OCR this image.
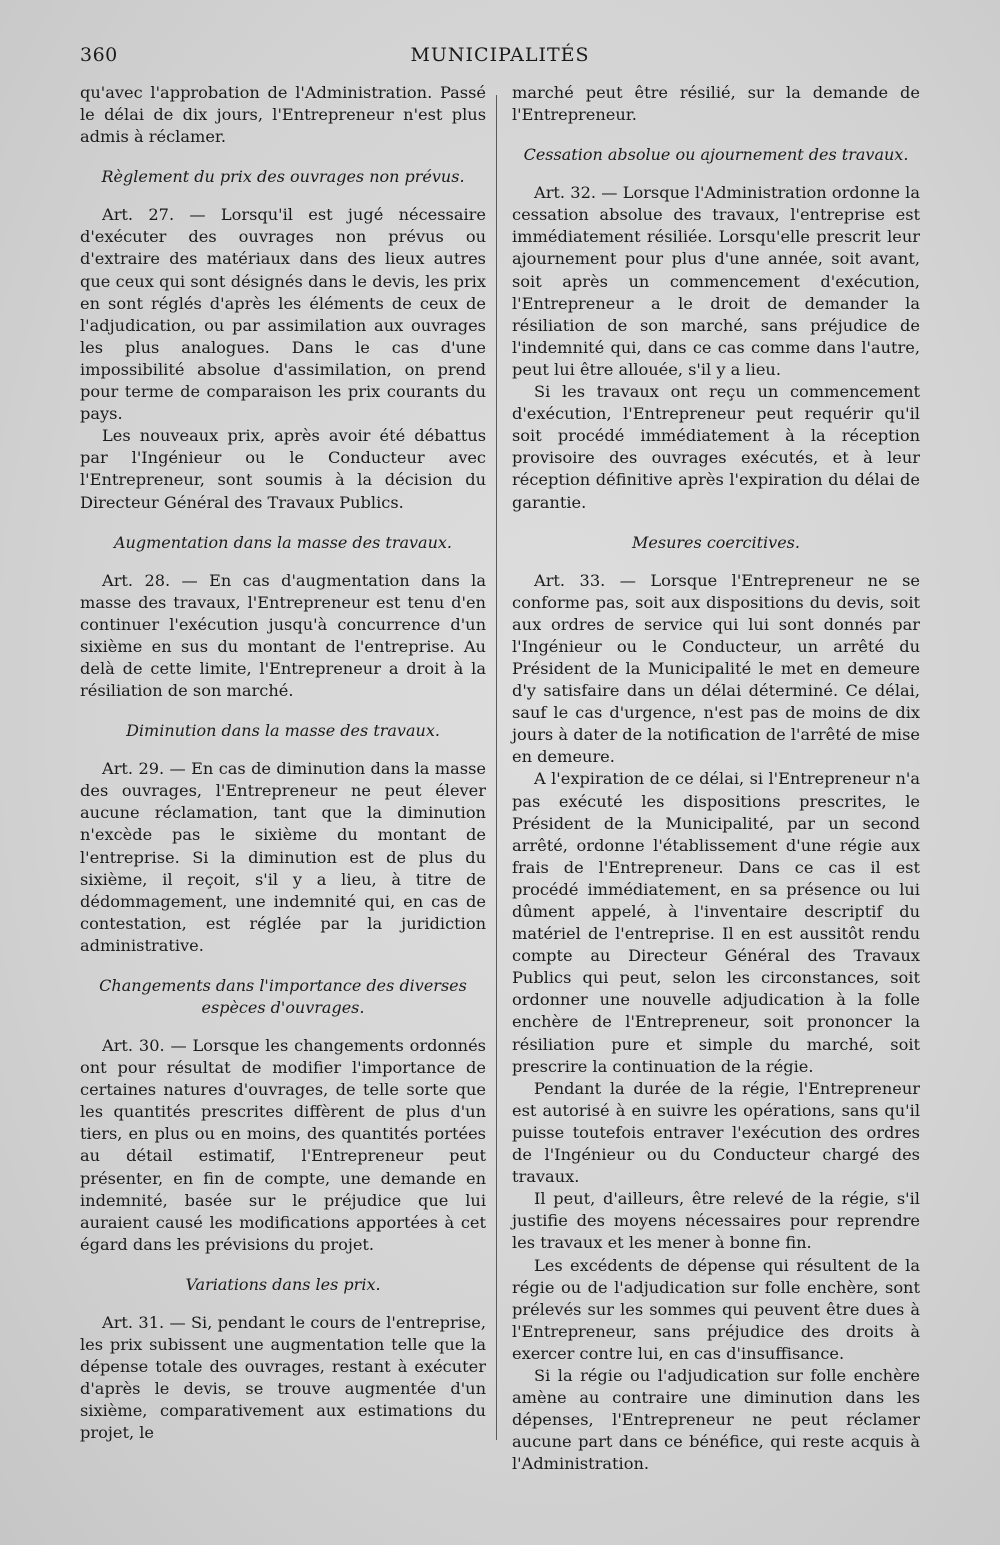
360	MUNICIPALITÉS

qu'avec l'approbation de l'Administration. Passé le délai de dix jours, l'Entrepreneur n'est plus admis à réclamer.

Règlement du prix des ouvrages non prévus.

Art. 27. — Lorsqu'il est jugé nécessaire d'exécuter des ouvrages non prévus ou d'extraire des matériaux dans des lieux autres que ceux qui sont désignés dans le devis, les prix en sont réglés d'après les éléments de ceux de l'adjudication, ou par assimilation aux ouvrages les plus analogues. Dans le cas d'une impossibilité absolue d'assimilation, on prend pour terme de comparaison les prix courants du pays.

Les nouveaux prix, après avoir été débattus par l'Ingénieur ou le Conducteur avec l'Entrepreneur, sont soumis à la décision du Directeur Général des Travaux Publics.

Augmentation dans la masse des travaux.

Art. 28. — En cas d'augmentation dans la masse des travaux, l'Entrepreneur est tenu d'en continuer l'exécution jusqu'à concurrence d'un sixième en sus du montant de l'entreprise. Au delà de cette limite, l'Entrepreneur a droit à la résiliation de son marché.

Diminution dans la masse des travaux.

Art. 29. — En cas de diminution dans la masse des ouvrages, l'Entrepreneur ne peut élever aucune réclamation, tant que la diminution n'excède pas le sixième du montant de l'entreprise. Si la diminution est de plus du sixième, il reçoit, s'il y a lieu, à titre de dédommagement, une indemnité qui, en cas de contestation, est réglée par la juridiction administrative.

Changements dans l'importance des diverses espèces d'ouvrages.

Art. 30. — Lorsque les changements ordonnés ont pour résultat de modifier l'importance de certaines natures d'ouvrages, de telle sorte que les quantités prescrites diffèrent de plus d'un tiers, en plus ou en moins, des quantités portées au détail estimatif, l'Entrepreneur peut présenter, en fin de compte, une demande en indemnité, basée sur le préjudice que lui auraient causé les modifications apportées à cet égard dans les prévisions du projet.

Variations dans les prix.

Art. 31. — Si, pendant le cours de l'entreprise, les prix subissent une augmentation telle que la dépense totale des ouvrages, restant à exécuter d'après le devis, se trouve augmentée d'un sixième, comparativement aux estimations du projet, le

marché peut être résilié, sur la demande de l'Entrepreneur.

Cessation absolue ou ajournement des travaux.

Art. 32. — Lorsque l'Administration ordonne la cessation absolue des travaux, l'entreprise est immédiatement résiliée. Lorsqu'elle prescrit leur ajournement pour plus d'une année, soit avant, soit après un commencement d'exécution, l'Entrepreneur a le droit de demander la résiliation de son marché, sans préjudice de l'indemnité qui, dans ce cas comme dans l'autre, peut lui être allouée, s'il y a lieu.

Si les travaux ont reçu un commencement d'exécution, l'Entrepreneur peut requérir qu'il soit procédé immédiatement à la réception provisoire des ouvrages exécutés, et à leur réception définitive après l'expiration du délai de garantie.

Mesures coercitives.

Art. 33. — Lorsque l'Entrepreneur ne se conforme pas, soit aux dispositions du devis, soit aux ordres de service qui lui sont donnés par l'Ingénieur ou le Conducteur, un arrêté du Président de la Municipalité le met en demeure d'y satisfaire dans un délai déterminé. Ce délai, sauf le cas d'urgence, n'est pas de moins de dix jours à dater de la notification de l'arrêté de mise en demeure.

A l'expiration de ce délai, si l'Entrepreneur n'a pas exécuté les dispositions prescrites, le Président de la Municipalité, par un second arrêté, ordonne l'établissement d'une régie aux frais de l'Entrepreneur. Dans ce cas il est procédé immédiatement, en sa présence ou lui dûment appelé, à l'inventaire descriptif du matériel de l'entreprise. Il en est aussitôt rendu compte au Directeur Général des Travaux Publics qui peut, selon les circonstances, soit ordonner une nouvelle adjudication à la folle enchère de l'Entrepreneur, soit prononcer la résiliation pure et simple du marché, soit prescrire la continuation de la régie.

Pendant la durée de la régie, l'Entrepreneur est autorisé à en suivre les opérations, sans qu'il puisse toutefois entraver l'exécution des ordres de l'Ingénieur ou du Conducteur chargé des travaux.

Il peut, d'ailleurs, être relevé de la régie, s'il justifie des moyens nécessaires pour reprendre les travaux et les mener à bonne fin.

Les excédents de dépense qui résultent de la régie ou de l'adjudication sur folle enchère, sont prélevés sur les sommes qui peuvent être dues à l'Entrepreneur, sans préjudice des droits à exercer contre lui, en cas d'insuffisance.

Si la régie ou l'adjudication sur folle enchère amène au contraire une diminution dans les dépenses, l'Entrepreneur ne peut réclamer aucune part dans ce bénéfice, qui reste acquis à l'Administration.
